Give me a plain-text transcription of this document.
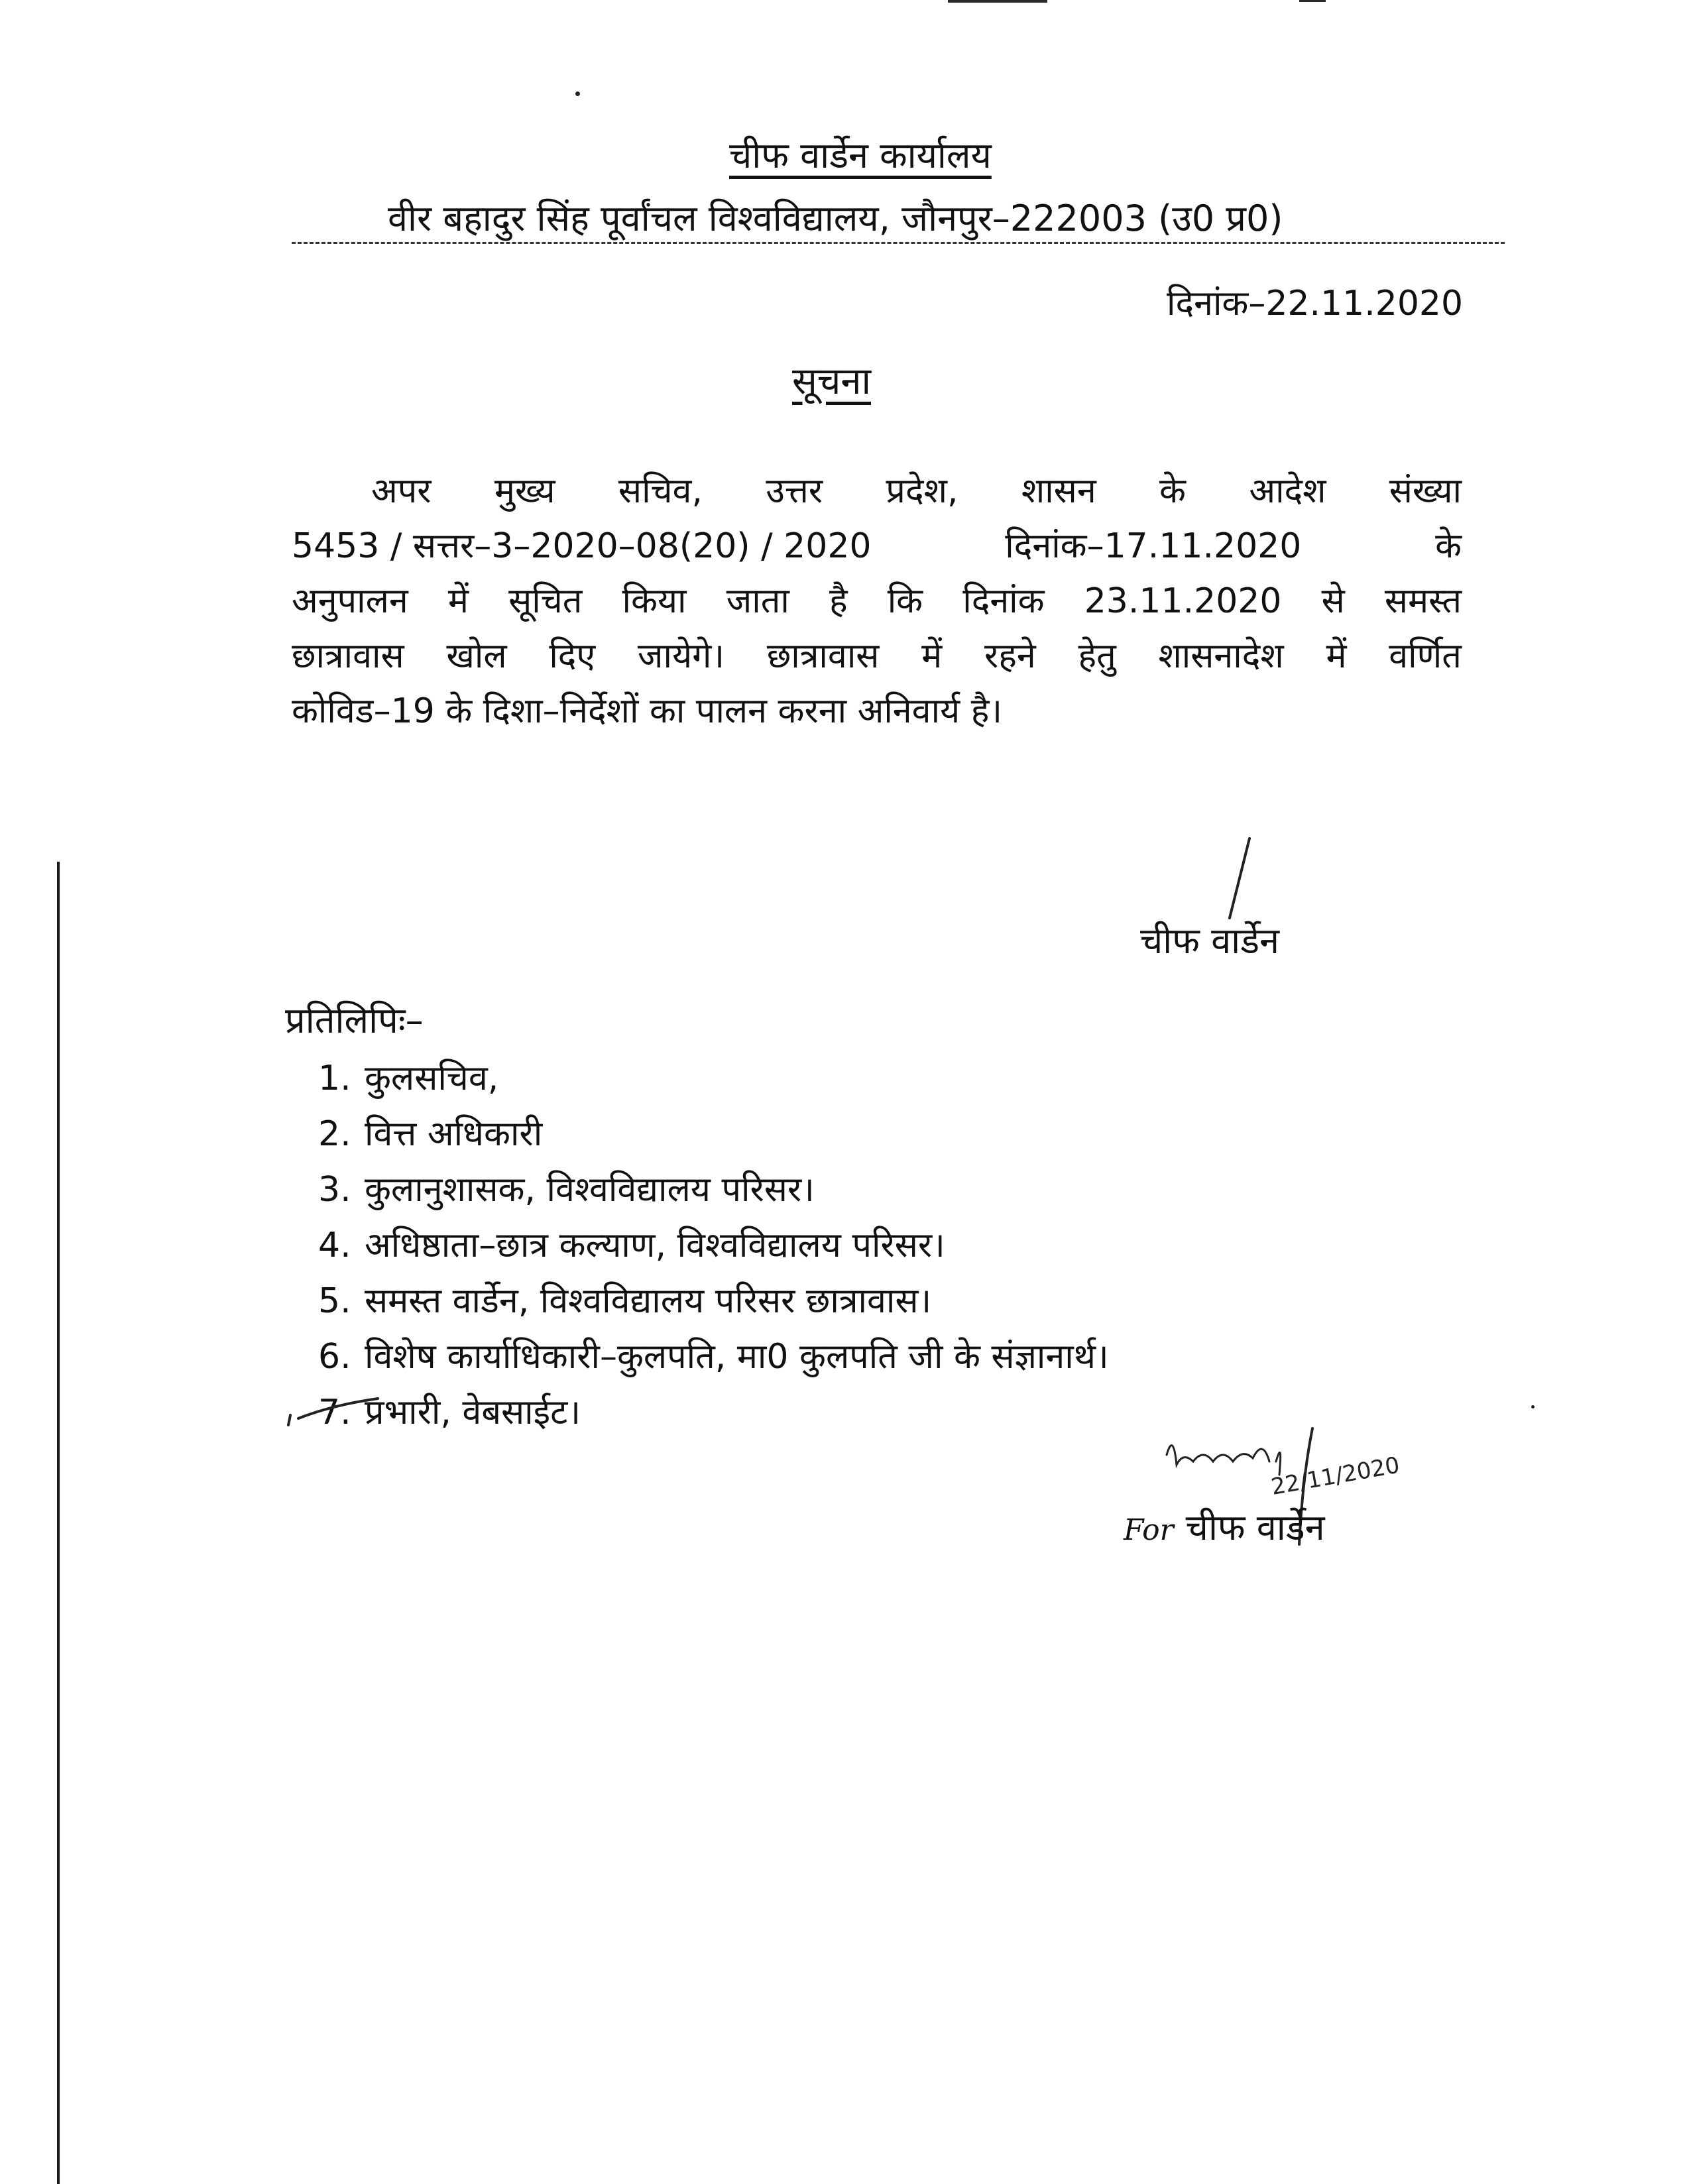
चीफ वार्डेन कार्यालय
वीर बहादुर सिंह पूर्वांचल विश्वविद्यालय, जौनपुर–222003 (उ0 प्र0)
दिनांक–22.11.2020
सूचना
अपर मुख्य सचिव, उत्तर प्रदेश, शासन के आदेश संख्या
5453 / सत्तर–3–2020–08(20) / 2020	दिनांक–17.11.2020	के
अनुपालन में सूचित किया जाता है कि दिनांक 23.11.2020 से समस्त
छात्रावास खोल दिए जायेगे। छात्रावास में रहने हेतु शासनादेश में वर्णित
कोविड–19 के दिशा–निर्देशों का पालन करना अनिवार्य है।
चीफ वार्डेन
प्रतिलिपिः–
1. कुलसचिव,
2. वित्त अधिकारी
3. कुलानुशासक, विश्वविद्यालय परिसर।
4. अधिष्ठाता–छात्र कल्याण, विश्वविद्यालय परिसर।
5. समस्त वार्डेन, विश्वविद्यालय परिसर छात्रावास।
6. विशेष कार्याधिकारी–कुलपति, मा0 कुलपति जी के संज्ञानार्थ।
7. प्रभारी, वेबसाईट।
22/11/2020
For चीफ वार्डेन
